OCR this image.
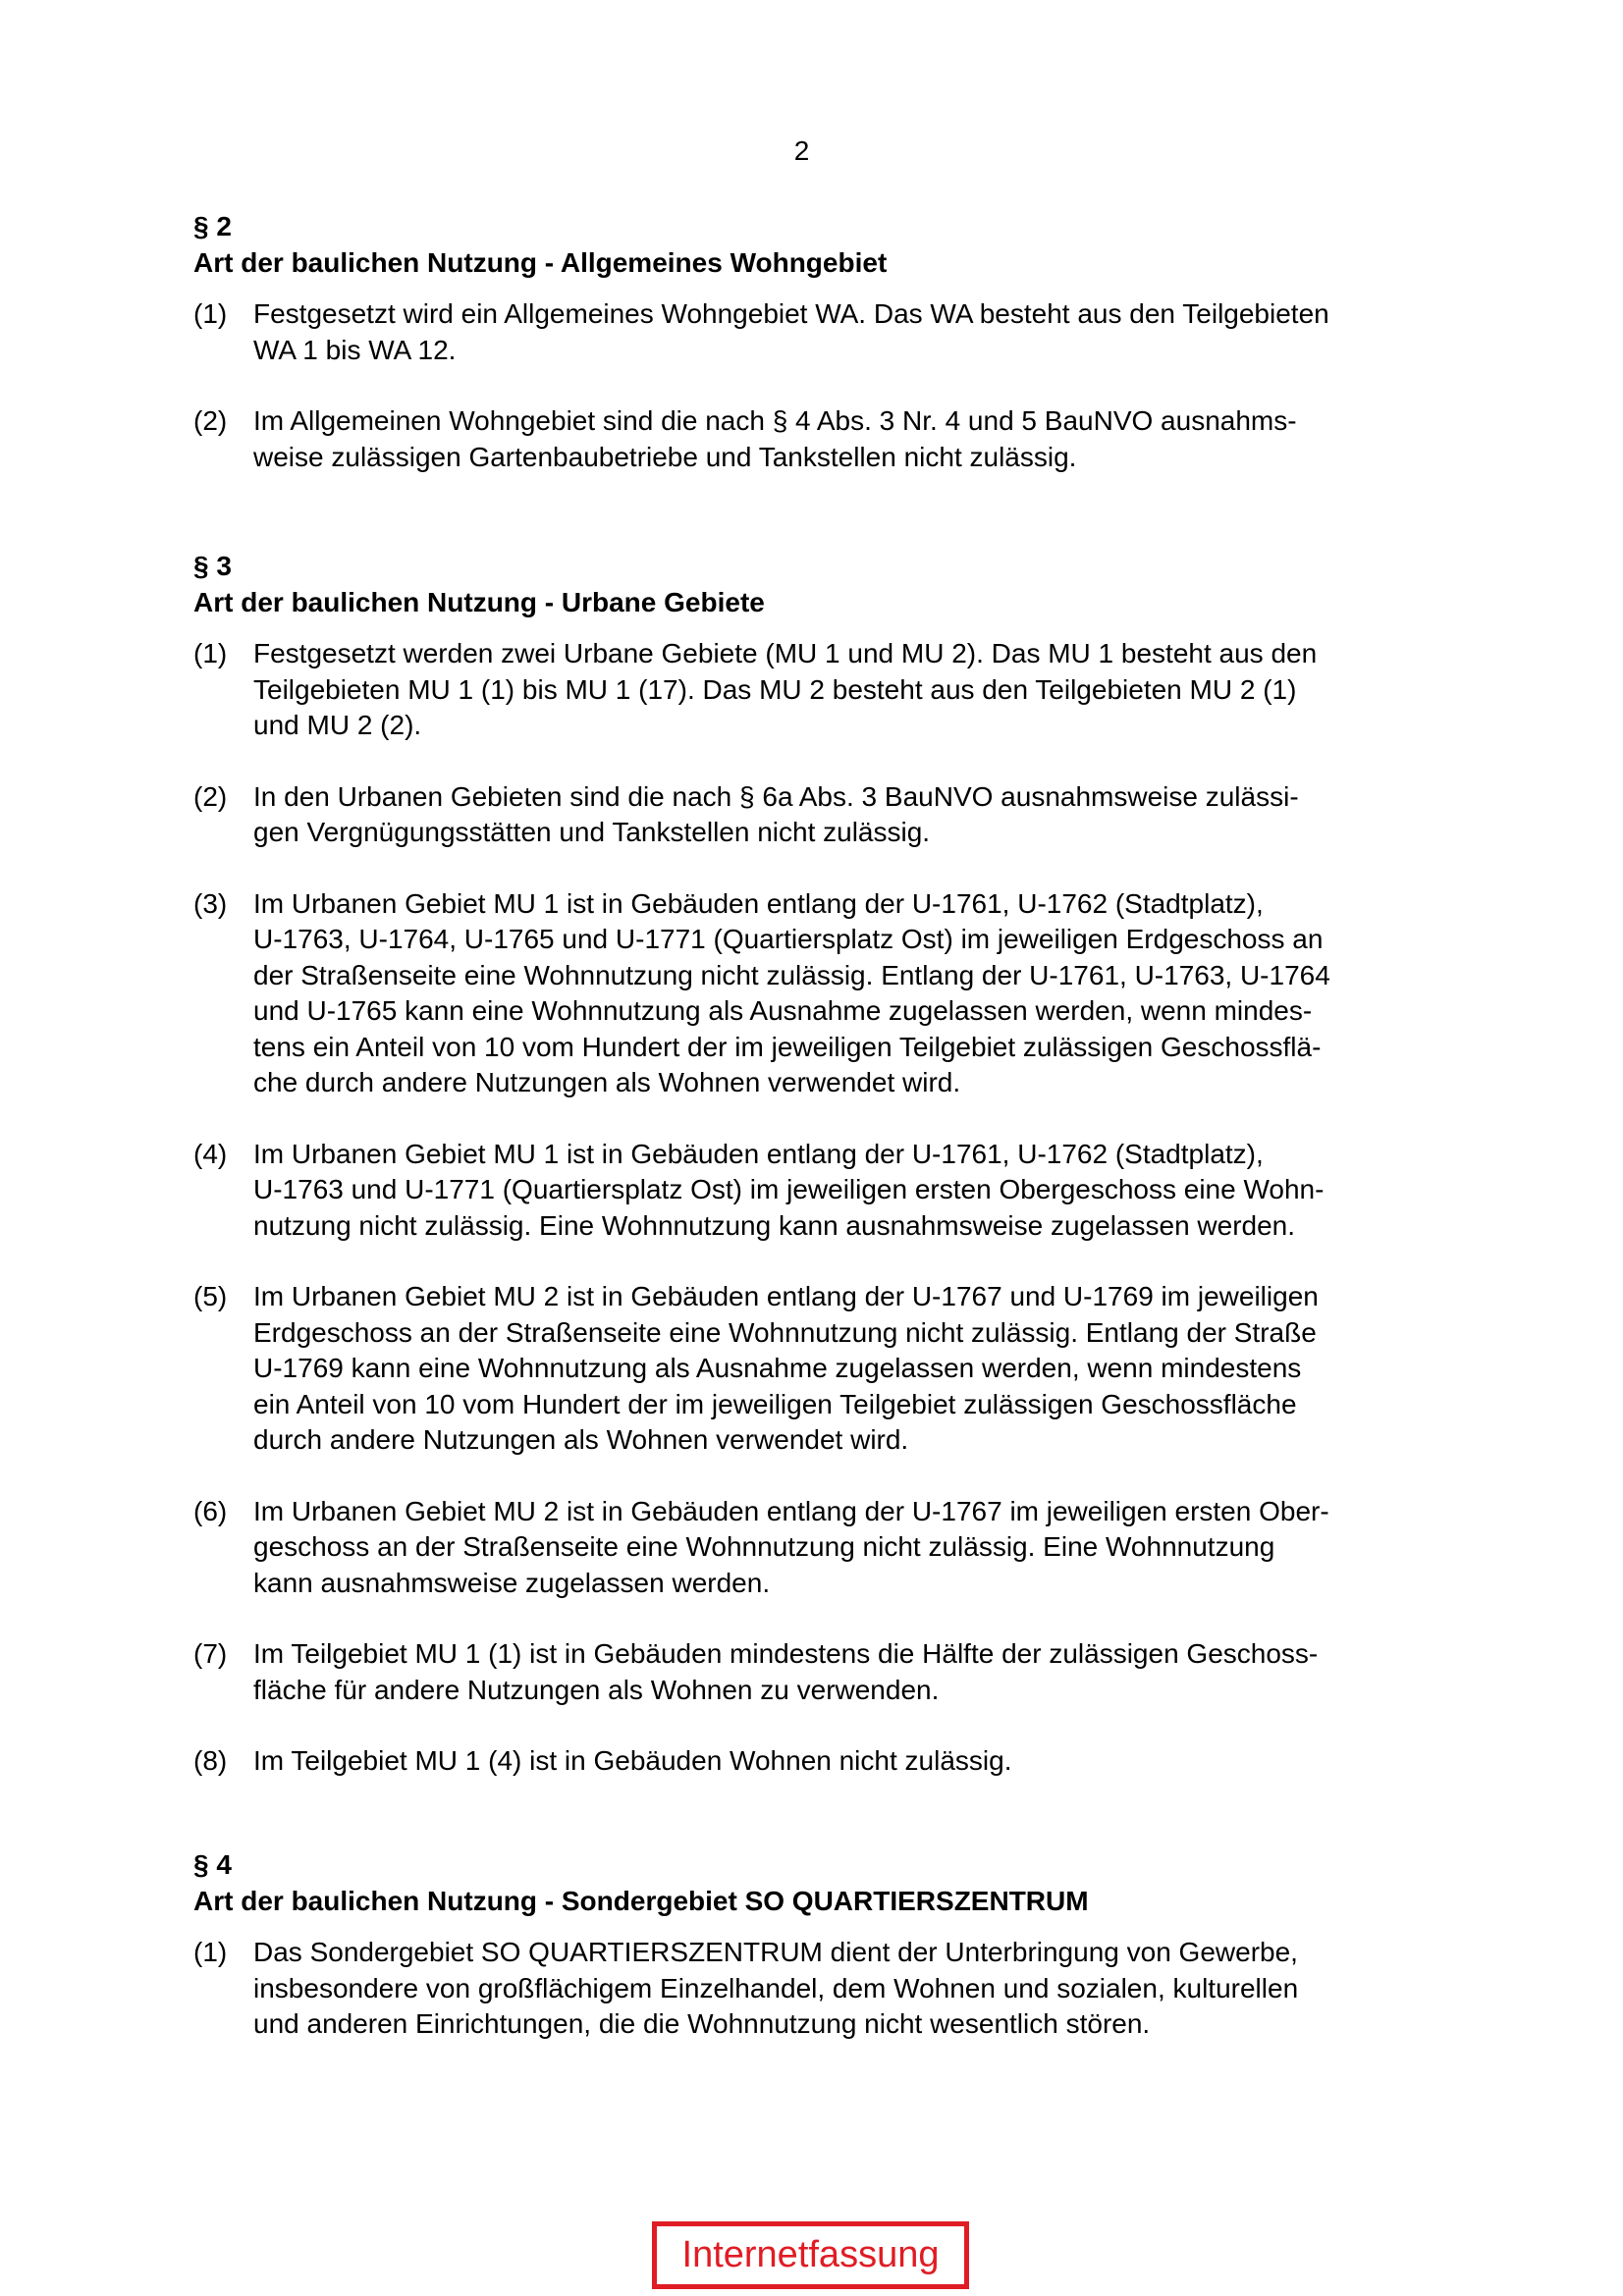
2

§ 2

Art der baulichen Nutzung - Allgemeines Wohngebiet

(1) Festgesetzt wird ein Allgemeines Wohngebiet WA. Das WA besteht aus den Teilgebieten
WA 1 bis WA 12.
(2) Im Allgemeinen Wohngebiet sind die nach § 4 Abs. 3 Nr. 4 und 5 BauNVO ausnahms-
weise zulässigen Gartenbaubetriebe und Tankstellen nicht zulässig.

§ 3

Art der baulichen Nutzung - Urbane Gebiete

(1) Festgesetzt werden zwei Urbane Gebiete (MU 1 und MU 2). Das MU 1 besteht aus den
Teilgebieten MU 1 (1) bis MU 1 (17). Das MU 2 besteht aus den Teilgebieten MU 2 (1)
und MU 2 (2).
(2) In den Urbanen Gebieten sind die nach § 6a Abs. 3 BauNVO ausnahmsweise zulässi-
gen Vergnügungsstätten und Tankstellen nicht zulässig.
(3) Im Urbanen Gebiet MU 1 ist in Gebäuden entlang der U-1761, U-1762 (Stadtplatz),
U-1763, U-1764, U-1765 und U-1771 (Quartiersplatz Ost) im jeweiligen Erdgeschoss an
der Straßenseite eine Wohnnutzung nicht zulässig. Entlang der U-1761, U-1763, U-1764
und U-1765 kann eine Wohnnutzung als Ausnahme zugelassen werden, wenn mindes-
tens ein Anteil von 10 vom Hundert der im jeweiligen Teilgebiet zulässigen Geschossflä-
che durch andere Nutzungen als Wohnen verwendet wird.
(4) Im Urbanen Gebiet MU 1 ist in Gebäuden entlang der U-1761, U-1762 (Stadtplatz),
U-1763 und U-1771 (Quartiersplatz Ost) im jeweiligen ersten Obergeschoss eine Wohn-
nutzung nicht zulässig. Eine Wohnnutzung kann ausnahmsweise zugelassen werden.
(5) Im Urbanen Gebiet MU 2 ist in Gebäuden entlang der U-1767 und U-1769 im jeweiligen
Erdgeschoss an der Straßenseite eine Wohnnutzung nicht zulässig. Entlang der Straße
U-1769 kann eine Wohnnutzung als Ausnahme zugelassen werden, wenn mindestens
ein Anteil von 10 vom Hundert der im jeweiligen Teilgebiet zulässigen Geschossfläche
durch andere Nutzungen als Wohnen verwendet wird.
(6) Im Urbanen Gebiet MU 2 ist in Gebäuden entlang der U-1767 im jeweiligen ersten Ober-
geschoss an der Straßenseite eine Wohnnutzung nicht zulässig. Eine Wohnnutzung
kann ausnahmsweise zugelassen werden.
(7) Im Teilgebiet MU 1 (1) ist in Gebäuden mindestens die Hälfte der zulässigen Geschoss-
fläche für andere Nutzungen als Wohnen zu verwenden.
(8) Im Teilgebiet MU 1 (4) ist in Gebäuden Wohnen nicht zulässig.

§ 4

Art der baulichen Nutzung - Sondergebiet SO QUARTIERSZENTRUM

(1) Das Sondergebiet SO QUARTIERSZENTRUM dient der Unterbringung von Gewerbe,
insbesondere von großflächigem Einzelhandel, dem Wohnen und sozialen, kulturellen
und anderen Einrichtungen, die die Wohnnutzung nicht wesentlich stören.
Internetfassung
